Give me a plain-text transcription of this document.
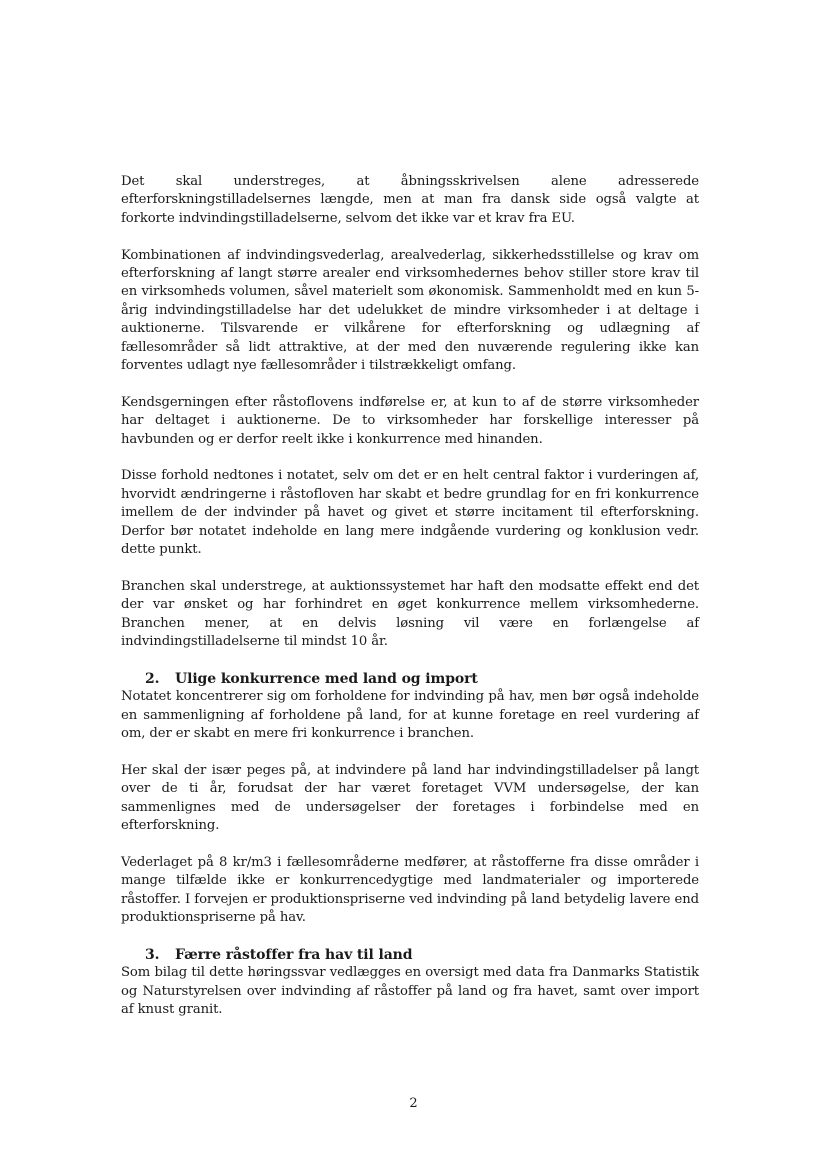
Det skal understreges, at åbningsskrivelsen alene adresserede efterforskningstilladelsernes længde, men at man fra dansk side også valgte at forkorte indvindingstilladelserne, selvom det ikke var et krav fra EU.

Kombinationen af indvindingsvederlag, arealvederlag, sikkerhedsstillelse og krav om efterforskning af langt større arealer end virksomhedernes behov stiller store krav til en virksomheds volumen, såvel materielt som økonomisk. Sammenholdt med en kun 5-årig indvindingstilladelse har det udelukket de mindre virksomheder i at deltage i auktionerne. Tilsvarende er vilkårene for efterforskning og udlægning af fællesområder så lidt attraktive, at der med den nuværende regulering ikke kan forventes udlagt nye fællesområder i tilstrækkeligt omfang.

Kendsgerningen efter råstoflovens indførelse er, at kun to af de større virksomheder har deltaget i auktionerne. De to virksomheder har forskellige interesser på havbunden og er derfor reelt ikke i konkurrence med hinanden.

Disse forhold nedtones i notatet, selv om det er en helt central faktor i vurderingen af, hvorvidt ændringerne i råstofloven har skabt et bedre grundlag for en fri konkurrence imellem de der indvinder på havet og givet et større incitament til efterforskning. Derfor bør notatet indeholde en lang mere indgående vurdering og konklusion vedr. dette punkt.

Branchen skal understrege, at auktionssystemet har haft den modsatte effekt end det der var ønsket og har forhindret en øget konkurrence mellem virksomhederne. Branchen mener, at en delvis løsning vil være en forlængelse af indvindingstilladelserne til mindst 10 år.

2. Ulige konkurrence med land og import

Notatet koncentrerer sig om forholdene for indvinding på hav, men bør også indeholde en sammenligning af forholdene på land, for at kunne foretage en reel vurdering af om, der er skabt en mere fri konkurrence i branchen.

Her skal der især peges på, at indvindere på land har indvindingstilladelser på langt over de ti år, forudsat der har været foretaget VVM undersøgelse, der kan sammenlignes med de undersøgelser der foretages i forbindelse med en efterforskning.

Vederlaget på 8 kr/m3 i fællesområderne medfører, at råstofferne fra disse områder i mange tilfælde ikke er konkurrencedygtige med landmaterialer og importerede råstoffer. I forvejen er produktionspriserne ved indvinding på land betydelig lavere end produktionspriserne på hav.

3. Færre råstoffer fra hav til land

Som bilag til dette høringssvar vedlægges en oversigt med data fra Danmarks Statistik og Naturstyrelsen over indvinding af råstoffer på land og fra havet, samt over import af knust granit.

2
